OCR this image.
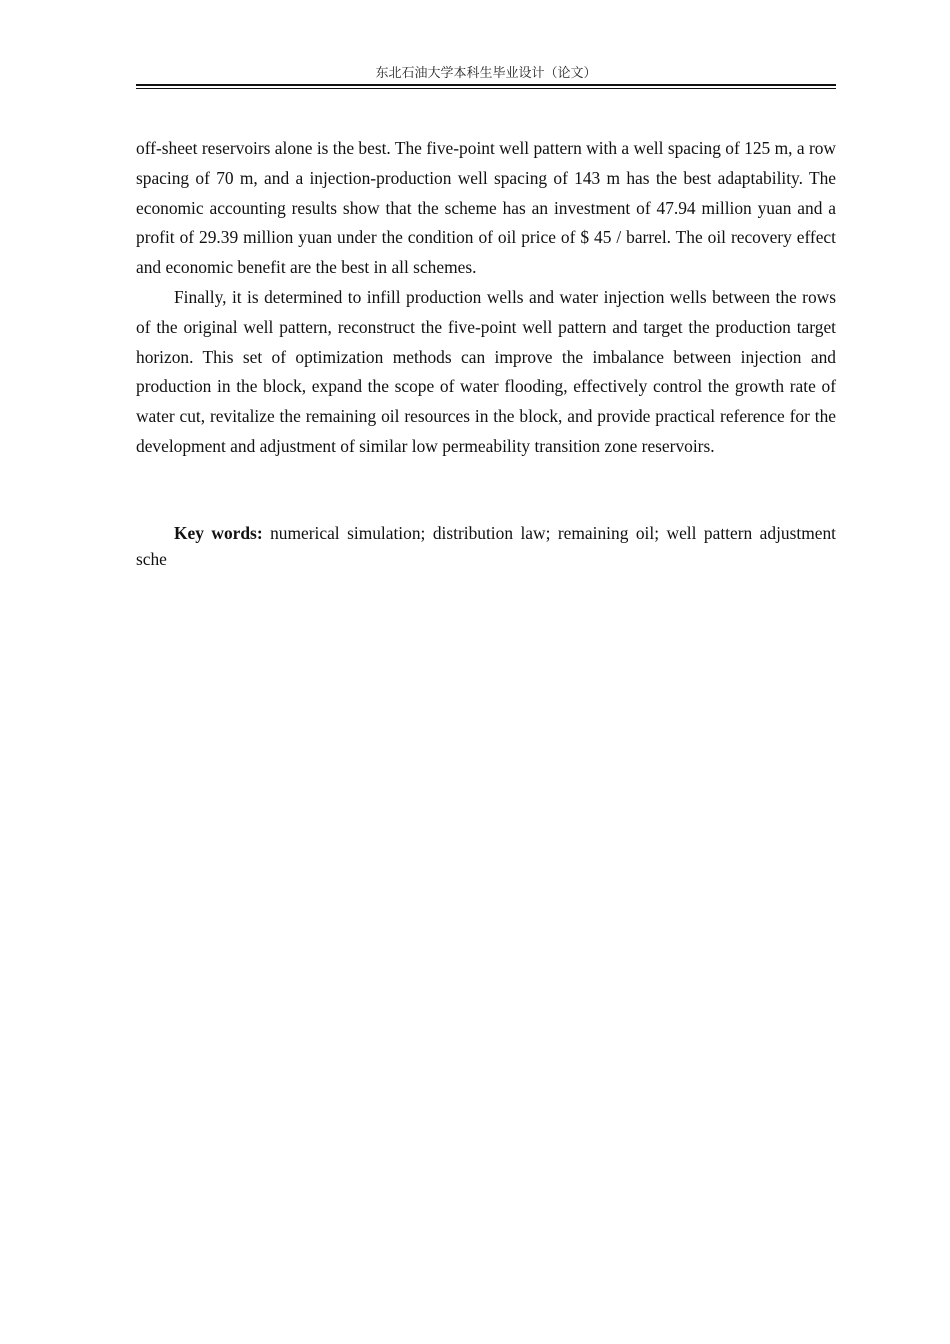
东北石油大学本科生毕业设计（论文）

off-sheet reservoirs alone is the best. The five-point well pattern with a well spacing of 125 m, a row spacing of 70 m, and a injection-production well spacing of 143 m has the best adaptability. The economic accounting results show that the scheme has an investment of 47.94 million yuan and a profit of 29.39 million yuan under the condition of oil price of $ 45 / barrel. The oil recovery effect and economic benefit are the best in all schemes.

Finally, it is determined to infill production wells and water injection wells between the rows of the original well pattern, reconstruct the five-point well pattern and target the production target horizon. This set of optimization methods can improve the imbalance between injection and production in the block, expand the scope of water flooding, effectively control the growth rate of water cut, revitalize the remaining oil resources in the block, and provide practical reference for the development and adjustment of similar low permeability transition zone reservoirs.

Key words: numerical simulation; distribution law; remaining oil; well pattern adjustment sche
